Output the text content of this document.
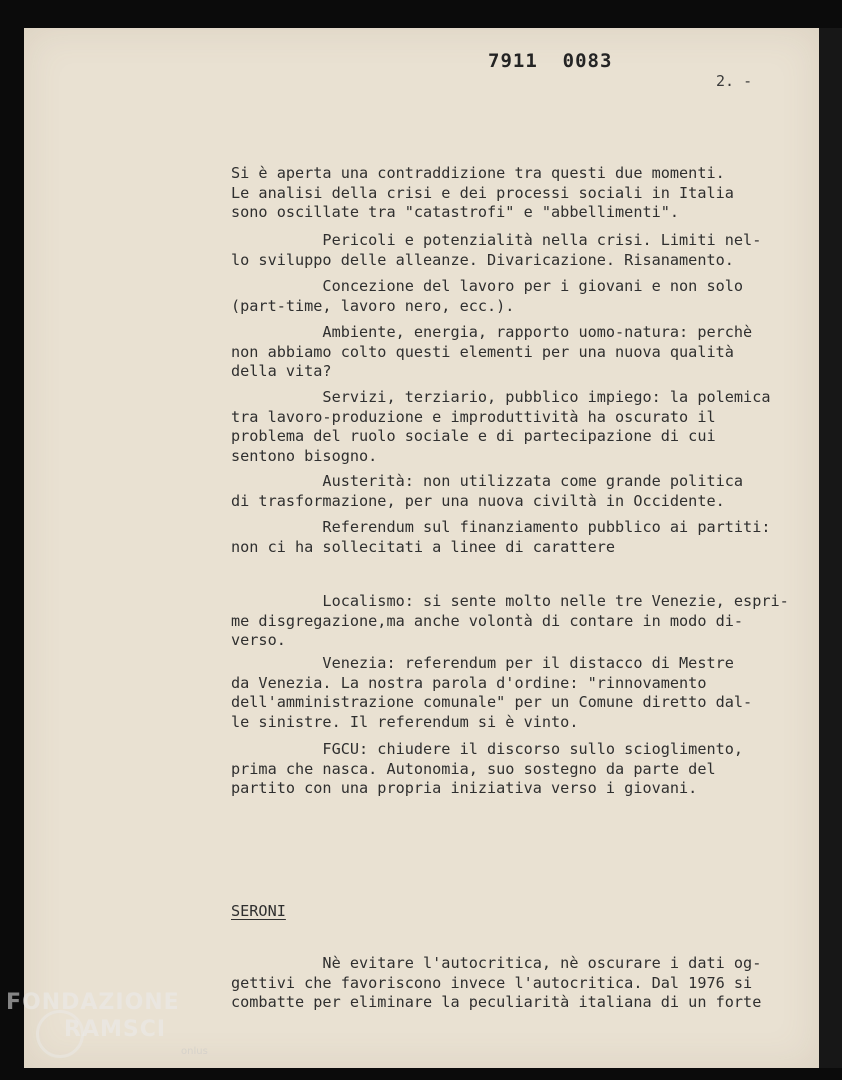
7911  0083
2. -
Si è aperta una contraddizione tra questi due momenti.
Le analisi della crisi e dei processi sociali in Italia
sono oscillate tra "catastrofi" e "abbellimenti".
Pericoli e potenzialità nella crisi. Limiti nel-
lo sviluppo delle alleanze. Divaricazione. Risanamento.
Concezione del lavoro per i giovani e non solo
(part-time, lavoro nero, ecc.).
Ambiente, energia, rapporto uomo-natura: perchè
non abbiamo colto questi elementi per una nuova qualità
della vita?
Servizi, terziario, pubblico impiego: la polemica
tra lavoro-produzione e improduttività ha oscurato il
problema del ruolo sociale e di partecipazione di cui
sentono bisogno.
Austerità: non utilizzata come grande politica
di trasformazione, per una nuova civiltà in Occidente.
Referendum sul finanziamento pubblico ai partiti:
non ci ha sollecitati a linee di carattere
Localismo: si sente molto nelle tre Venezie, espri-
me disgregazione,ma anche volontà di contare in modo di-
verso.
Venezia: referendum per il distacco di Mestre
da Venezia. La nostra parola d'ordine: "rinnovamento
dell'amministrazione comunale" per un Comune diretto dal-
le sinistre. Il referendum si è vinto.
FGCU: chiudere il discorso sullo scioglimento,
prima che nasca. Autonomia, suo sostegno da parte del
partito con una propria iniziativa verso i giovani.
Nè evitare l'autocritica, nè oscurare i dati og-
gettivi che favoriscono invece l'autocritica. Dal 1976 si
combatte per eliminare la peculiarità italiana di un forte
SERONI
FONDAZIONE
RAMSCI
onlus
